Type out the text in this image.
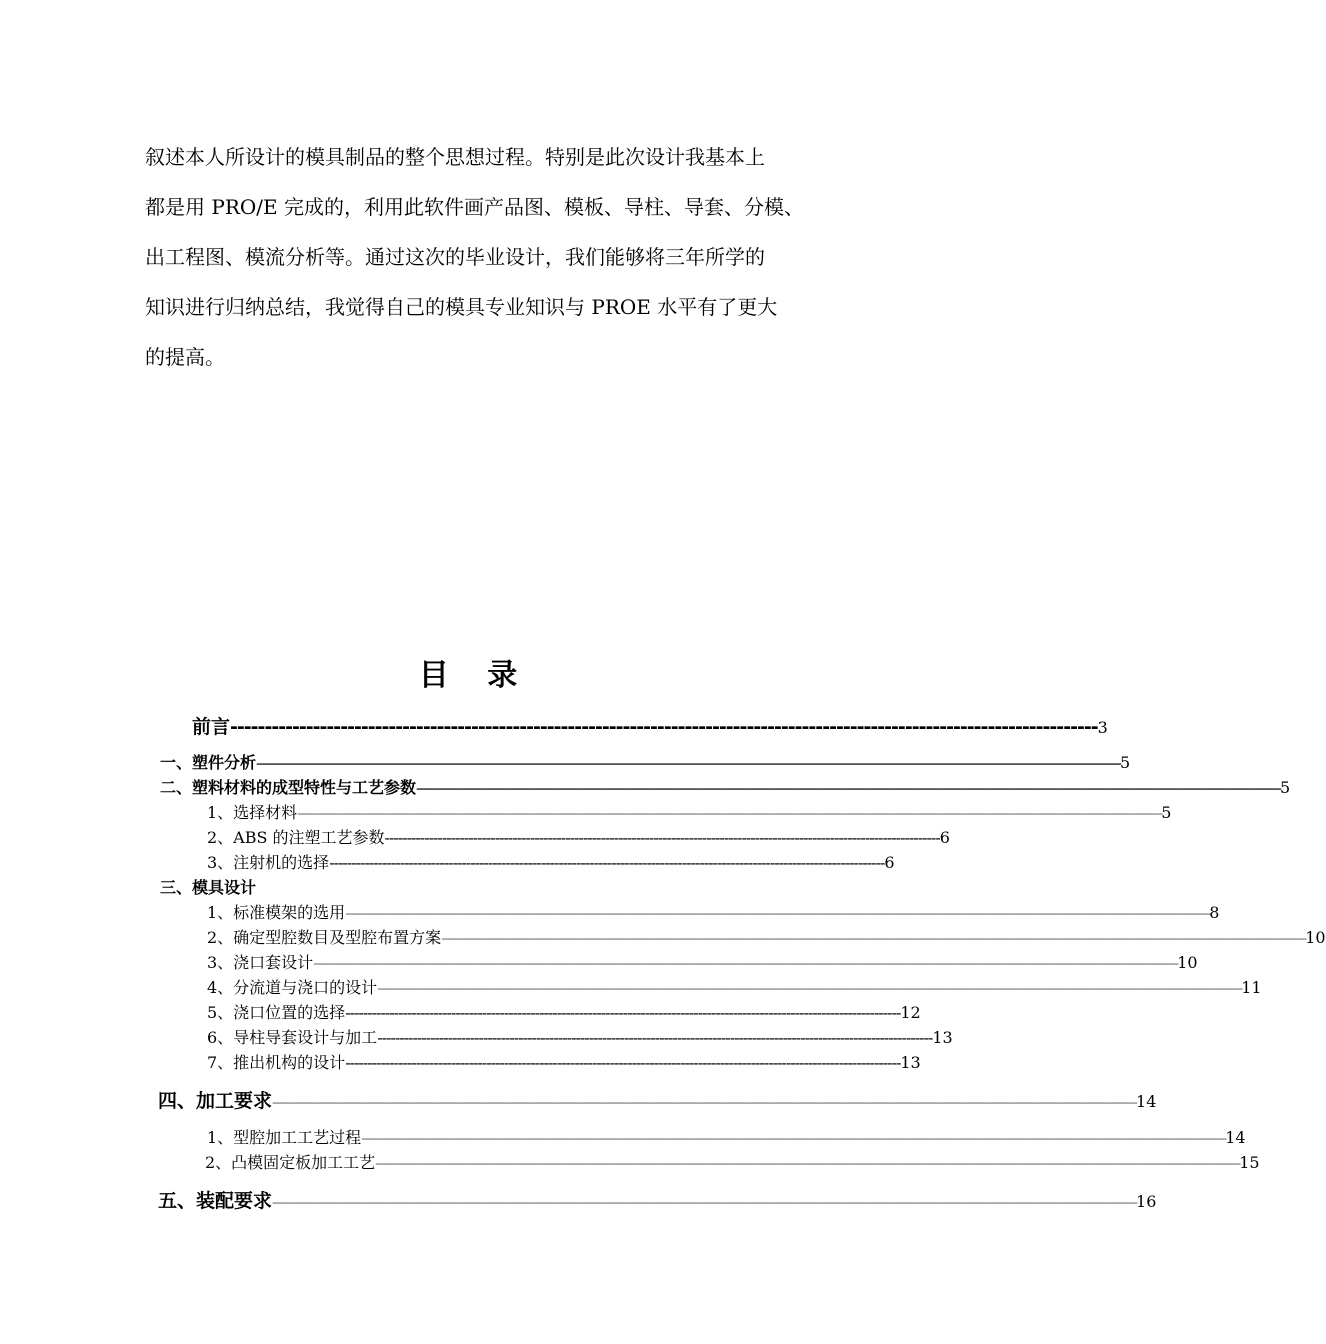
叙述本人所设计的模具制品的整个思想过程。特别是此次设计我基本上
都是用 PRO/E 完成的，利用此软件画产品图、模板、导柱、导套、分模、
出工程图、模流分析等。通过这次的毕业设计，我们能够将三年所学的
知识进行归纳总结，我觉得自己的模具专业知识与 PROE 水平有了更大
的提高。
目 录
前言 ------------------------------------------------------------------------------------------------------------------------------ 3
一、塑件分析 ———————————————————————————————————————————————————————————————————————— 5
二、塑料材料的成型特性与工艺参数 ———————————————————————————————————————————————————————————————————————— 5
1、选择材料 ———————————————————————————————————————————————————————————————————————— 5
2、ABS 的注塑工艺参数 ------------------------------------------------------------------------------------------------------------------------------ 6
3、注射机的选择 ------------------------------------------------------------------------------------------------------------------------------ 6
三、模具设计
1、标准模架的选用 ———————————————————————————————————————————————————————————————————————— 8
2、确定型腔数目及型腔布置方案 ———————————————————————————————————————————————————————————————————————— 10
3、浇口套设计 ———————————————————————————————————————————————————————————————————————— 10
4、分流道与浇口的设计 ———————————————————————————————————————————————————————————————————————— 11
5、浇口位置的选择 ------------------------------------------------------------------------------------------------------------------------------ 12
6、导柱导套设计与加工 ------------------------------------------------------------------------------------------------------------------------------ 13
7、推出机构的设计 ------------------------------------------------------------------------------------------------------------------------------ 13
四、加工要求 ———————————————————————————————————————————————————————————————————————— 14
1、型腔加工工艺过程 ———————————————————————————————————————————————————————————————————————— 14
2、凸模固定板加工工艺 ———————————————————————————————————————————————————————————————————————— 15
五、装配要求 ———————————————————————————————————————————————————————————————————————— 16
